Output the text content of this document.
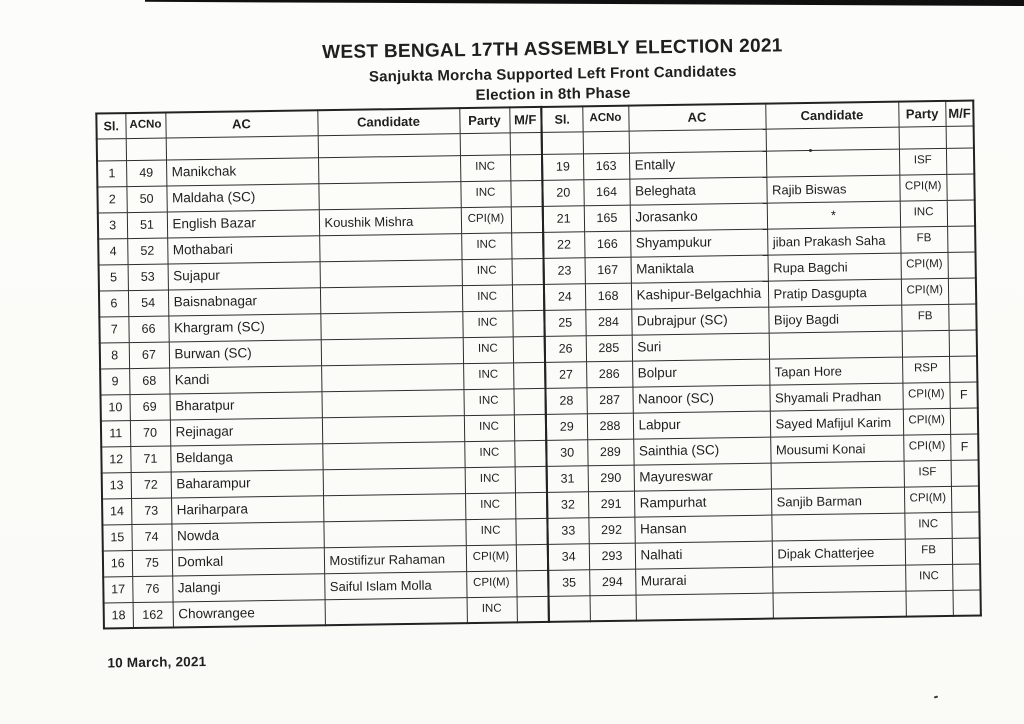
WEST BENGAL 17TH ASSEMBLY ELECTION 2021
Sanjukta Morcha Supported Left Front Candidates
Election in 8th Phase
Sl.	ACNo	AC	Candidate	Party	M/F

1	49	Manikchak		INC	
2	50	Maldaha (SC)		INC	
3	51	English Bazar	Koushik Mishra	CPI(M)	
4	52	Mothabari		INC	
5	53	Sujapur		INC	
6	54	Baisnabnagar		INC	
7	66	Khargram (SC)		INC	
8	67	Burwan (SC)		INC	
9	68	Kandi		INC	
10	69	Bharatpur		INC	
11	70	Rejinagar		INC	
12	71	Beldanga		INC	
13	72	Baharampur		INC	
14	73	Hariharpara		INC	
15	74	Nowda		INC	
16	75	Domkal	Mostifizur Rahaman	CPI(M)	
17	76	Jalangi	Saiful Islam Molla	CPI(M)	
18	162	Chowrangee		INC	
Sl.	ACNo	AC	Candidate	Party	M/F

19	163	Entally		ISF	
20	164	Beleghata	Rajib Biswas	CPI(M)	
21	165	Jorasanko	*	INC	
22	166	Shyampukur	jiban Prakash Saha	FB	
23	167	Maniktala	Rupa Bagchi	CPI(M)	
24	168	Kashipur-Belgachhia	Pratip Dasgupta	CPI(M)	
25	284	Dubrajpur (SC)	Bijoy Bagdi	FB	
26	285	Suri			
27	286	Bolpur	Tapan Hore	RSP	
28	287	Nanoor (SC)	Shyamali Pradhan	CPI(M)	F
29	288	Labpur	Sayed Mafijul Karim	CPI(M)	
30	289	Sainthia (SC)	Mousumi Konai	CPI(M)	F
31	290	Mayureswar		ISF	
32	291	Rampurhat	Sanjib Barman	CPI(M)	
33	292	Hansan		INC	
34	293	Nalhati	Dipak Chatterjee	FB	
35	294	Murarai		INC	

10 March, 2021
